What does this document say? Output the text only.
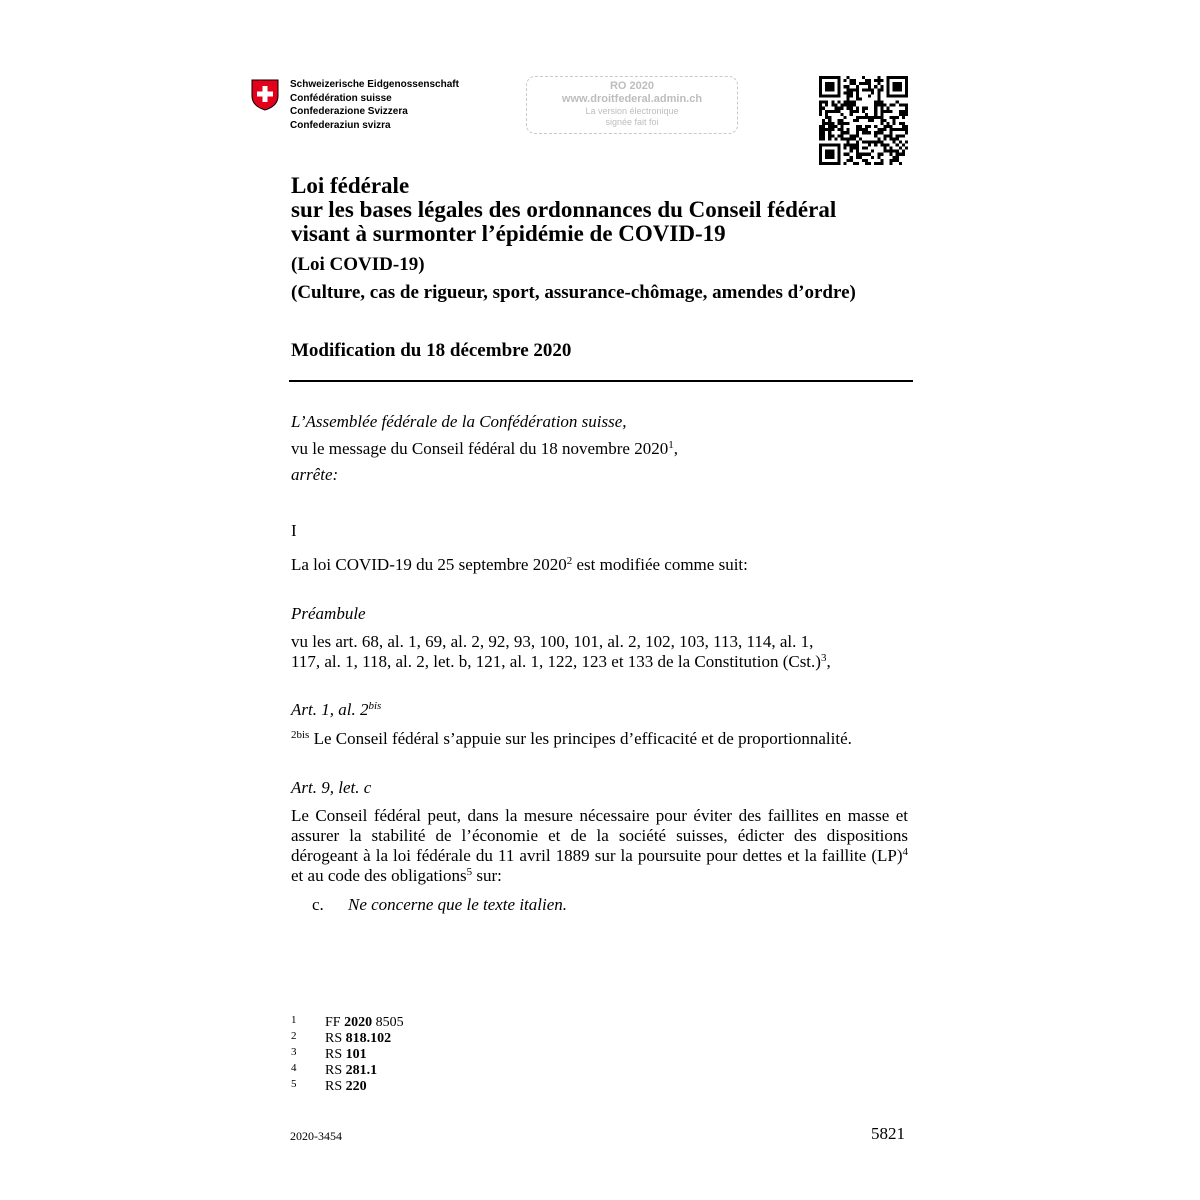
Schweizerische Eidgenossenschaft
Confédération suisse
Confederazione Svizzera
Confederaziun svizra
RO 2020
www.droitfederal.admin.ch
La version électronique
signée fait foi
Loi fédérale
sur les bases légales des ordonnances du Conseil fédéral
visant à surmonter l’épidémie de COVID-19
(Loi COVID-19)
(Culture, cas de rigueur, sport, assurance-chômage, amendes d’ordre)
Modification du 18 décembre 2020
L’Assemblée fédérale de la Confédération suisse,
vu le message du Conseil fédéral du 18 novembre 2020$^1$,
arrête:
I
La loi COVID-19 du 25 septembre 2020$^2$ est modifiée comme suit:
Préambule
vu les art. 68, al. 1, 69, al. 2, 92, 93, 100, 101, al. 2, 102, 103, 113, 114, al. 1,
117, al. 1, 118, al. 2, let. b, 121, al. 1, 122, 123 et 133 de la Constitution $(Cst.)^3$,
Art. 1, al. $2^{bis}$
$^{2bis}$ Le Conseil fédéral s’appuie sur les principes d’efficacité et de proportionnalité.
Art. 9, let. c
Le Conseil fédéral peut, dans la mesure nécessaire pour éviter des faillites en masse et assurer la stabilité de l’économie et de la société suisses, édicter des dispositions dérogeant à la loi fédérale du 11 avril 1889 sur la poursuite pour dettes et la faillite (LP)$^4$ et au code des obligations$^5$ sur:
c. Ne concerne que le texte italien.
1 FF 2020 8505
2 RS 818.102
3 RS 101
4 RS 281.1
5 RS 220
2020-3454	5821
